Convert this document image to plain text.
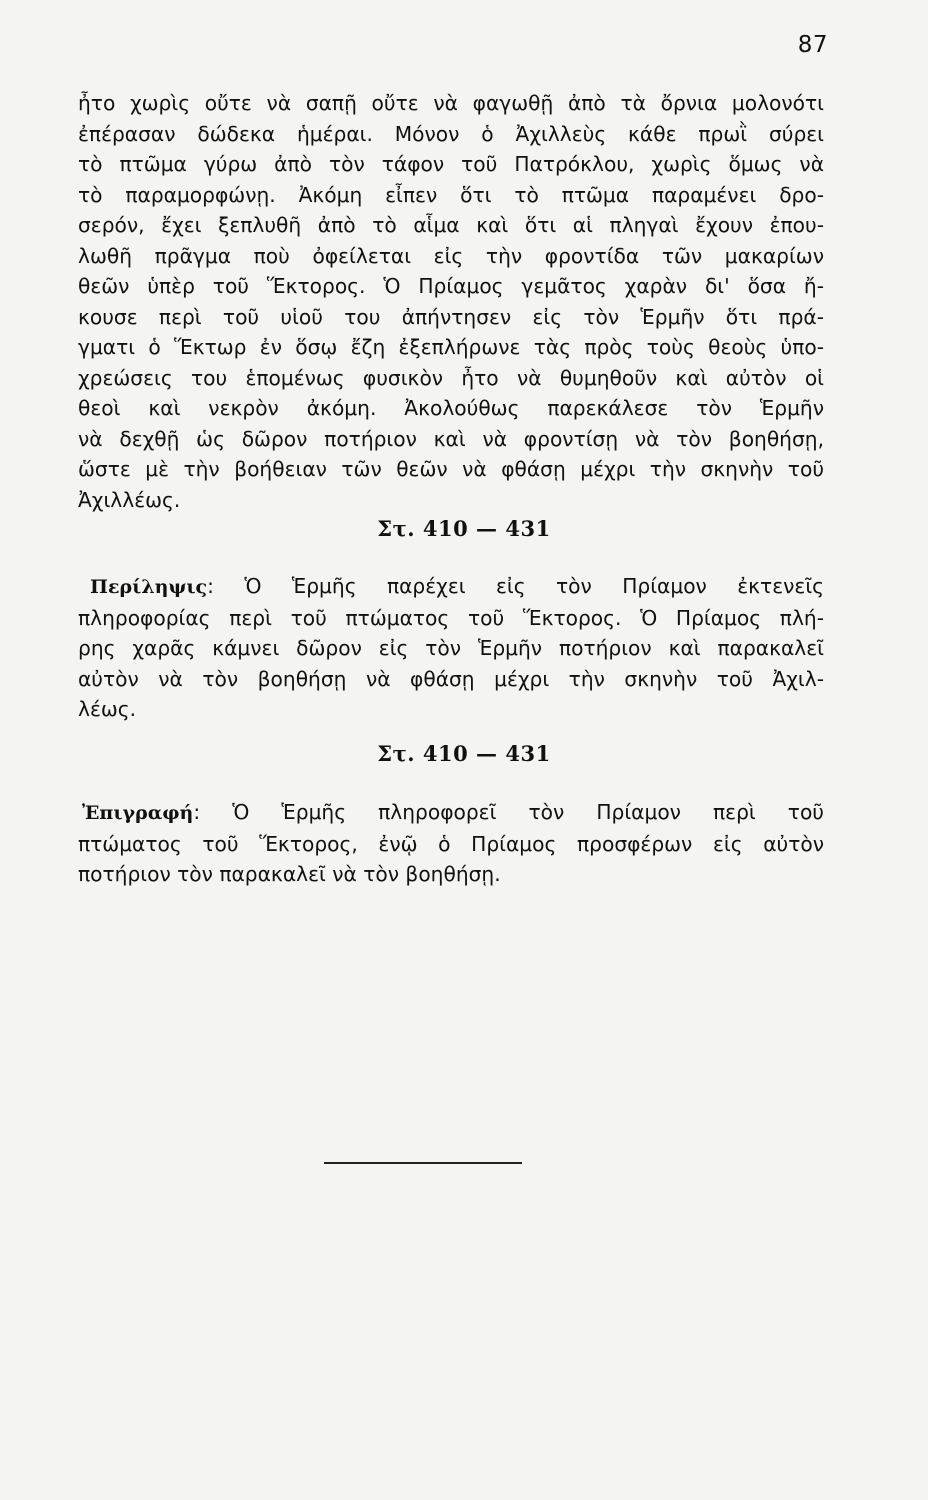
87
ἦτο χωρὶς οὔτε νὰ σαπῇ οὔτε νὰ φαγωθῇ ἀπὸ τὰ ὄρνια μολονότι
ἐπέρασαν δώδεκα ἡμέραι. Μόνον ὁ Ἀχιλλεὺς κάθε πρωῒ σύρει
τὸ πτῶμα γύρω ἀπὸ τὸν τάφον τοῦ Πατρόκλου, χωρὶς ὅμως νὰ
τὸ παραμορφώνῃ. Ἀκόμη εἶπεν ὅτι τὸ πτῶμα παραμένει δρο-
σερόν, ἔχει ξεπλυθῆ ἀπὸ τὸ αἷμα καὶ ὅτι αἱ πληγαὶ ἔχουν ἐπου-
λωθῆ πρᾶγμα ποὺ ὀφείλεται εἰς τὴν φροντίδα τῶν μακαρίων
θεῶν ὑπὲρ τοῦ Ἕκτορος. Ὁ Πρίαμος γεμᾶτος χαρὰν δι' ὅσα ἤ-
κουσε περὶ τοῦ υἱοῦ του ἀπήντησεν εἰς τὸν Ἑρμῆν ὅτι πρά-
γματι ὁ Ἕκτωρ ἐν ὅσῳ ἔζη ἐξεπλήρωνε τὰς πρὸς τοὺς θεοὺς ὑπο-
χρεώσεις του ἑπομένως φυσικὸν ἦτο νὰ θυμηθοῦν καὶ αὐτὸν οἱ
θεοὶ καὶ νεκρὸν ἀκόμη. Ἀκολούθως παρεκάλεσε τὸν Ἑρμῆν
νὰ δεχθῇ ὡς δῶρον ποτήριον καὶ νὰ φροντίσῃ νὰ τὸν βοηθήσῃ,
ὥστε μὲ τὴν βοήθειαν τῶν θεῶν νὰ φθάσῃ μέχρι τὴν σκηνὴν τοῦ
Ἀχιλλέως.
Στ. 410 — 431
Περίληψις: Ὁ Ἑρμῆς παρέχει εἰς τὸν Πρίαμον ἐκτενεῖς
πληροφορίας περὶ τοῦ πτώματος τοῦ Ἕκτορος. Ὁ Πρίαμος πλή-
ρης χαρᾶς κάμνει δῶρον εἰς τὸν Ἑρμῆν ποτήριον καὶ παρακαλεῖ
αὐτὸν νὰ τὸν βοηθήσῃ νὰ φθάσῃ μέχρι τὴν σκηνὴν τοῦ Ἀχιλ-
λέως.
Στ. 410 — 431
Ἐπιγραφή: Ὁ Ἑρμῆς πληροφορεῖ τὸν Πρίαμον περὶ τοῦ
πτώματος τοῦ Ἕκτορος, ἐνῷ ὁ Πρίαμος προσφέρων εἰς αὐτὸν
ποτήριον τὸν παρακαλεῖ νὰ τὸν βοηθήσῃ.
